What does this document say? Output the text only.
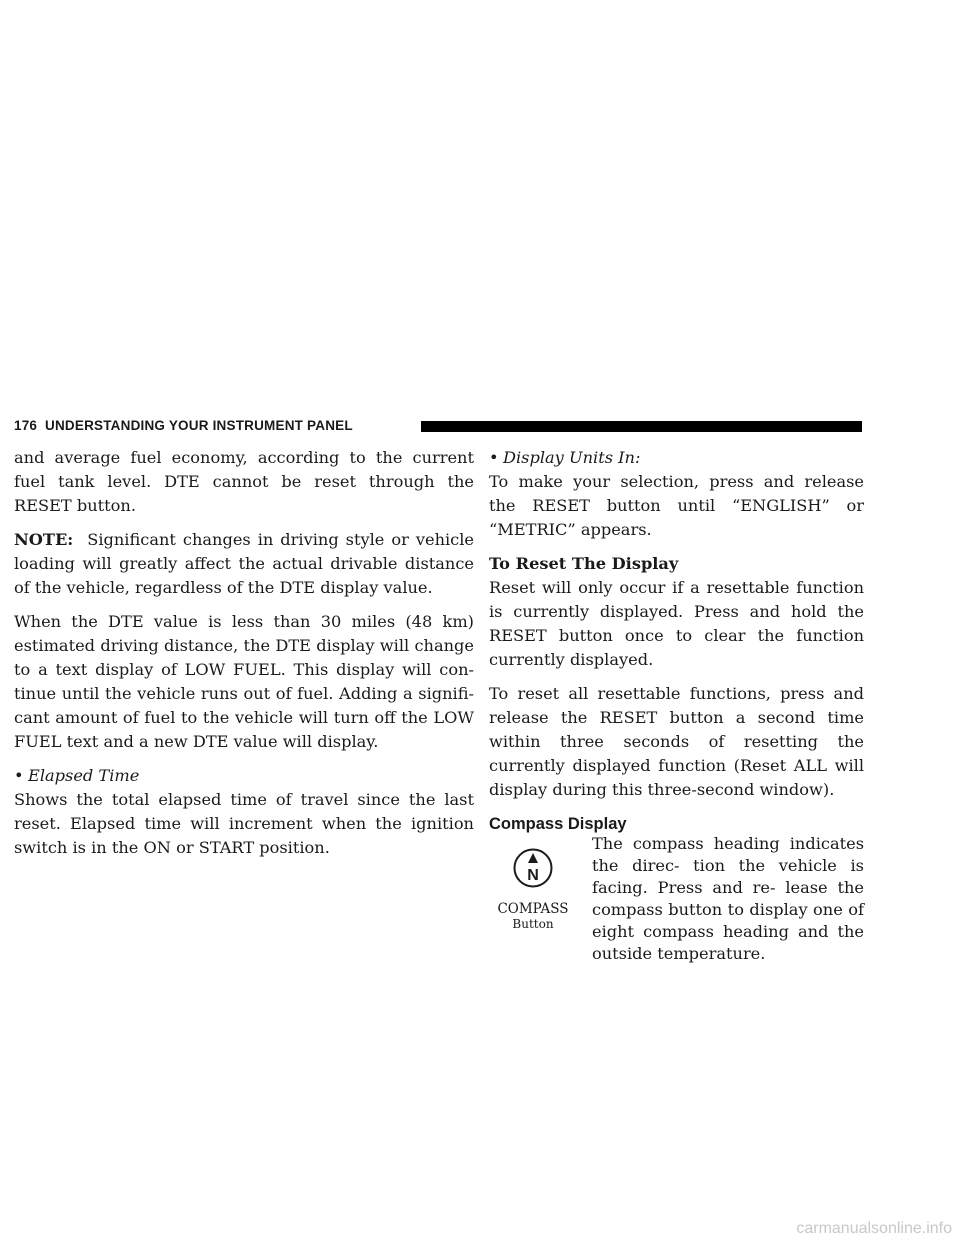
176 UNDERSTANDING YOUR INSTRUMENT PANEL

and average fuel economy, according to the current fuel tank level. DTE cannot be reset through the RESET button.

NOTE: Significant changes in driving style or vehicle loading will greatly affect the actual drivable distance of the vehicle, regardless of the DTE display value.

When the DTE value is less than 30 miles (48 km) estimated driving distance, the DTE display will change to a text display of LOW FUEL. This display will con- tinue until the vehicle runs out of fuel. Adding a signifi- cant amount of fuel to the vehicle will turn off the LOW FUEL text and a new DTE value will display.

• Elapsed Time

Shows the total elapsed time of travel since the last reset. Elapsed time will increment when the ignition switch is in the ON or START position.

• Display Units In:

To make your selection, press and release the RESET button until “ENGLISH” or “METRIC” appears.

To Reset The Display

Reset will only occur if a resettable function is currently displayed. Press and hold the RESET button once to clear the function currently displayed.

To reset all resettable functions, press and release the RESET button a second time within three seconds of resetting the currently displayed function (Reset ALL will display during this three-second window).

Compass Display
N
COMPASS
Button
The compass heading indicates the direc- tion the vehicle is facing. Press and re- lease the compass button to display one of eight compass heading and the outside temperature.
carmanualsonline.info
